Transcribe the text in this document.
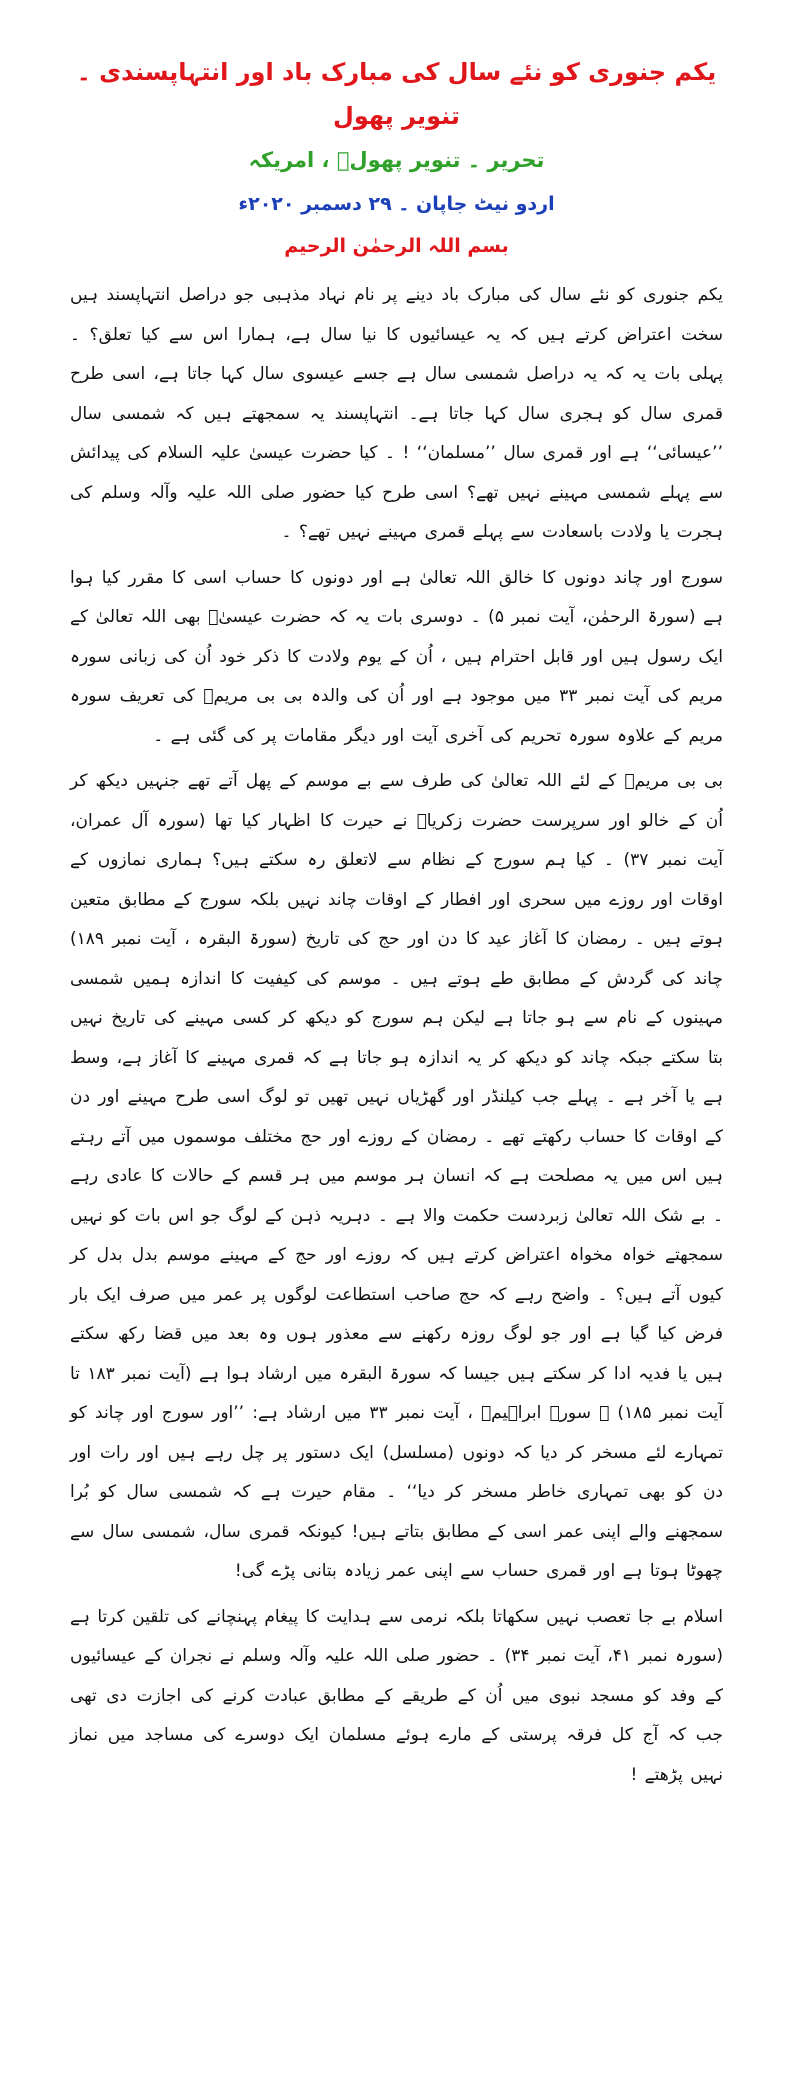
یکم جنوری کو نئے سال کی مبارک باد اور انتہاپسندی ۔ تنویر پھول

تحریر ۔ تنویر پھولؔ ، امریکہ

اردو نیٹ جاپان ۔ ۲۹ دسمبر ۲۰۲۰ء

بسم اللہ الرحمٰن الرحیم

یکم جنوری کو نئے سال کی مبارک باد دینے پر نام نہاد مذہبی جو دراصل انتہاپسند ہیں سخت اعتراض کرتے ہیں کہ یہ عیسائیوں کا نیا سال ہے، ہمارا اس سے کیا تعلق؟ ۔ پہلی بات یہ کہ یہ دراصل شمسی سال ہے جسے عیسوی سال کہا جاتا ہے، اسی طرح قمری سال کو ہجری سال کہا جاتا ہے۔ انتہاپسند یہ سمجھتے ہیں کہ شمسی سال ’’عیسائی‘‘ ہے اور قمری سال ’’مسلمان‘‘ ! ۔ کیا حضرت عیسیٰ علیہ السلام کی پیدائش سے پہلے شمسی مہینے نہیں تھے؟ اسی طرح کیا حضور صلی اللہ علیہ وآلہ وسلم کی ہجرت یا ولادت باسعادت سے پہلے قمری مہینے نہیں تھے؟ ۔

سورج اور چاند دونوں کا خالق اللہ تعالیٰ ہے اور دونوں کا حساب اسی کا مقرر کیا ہوا ہے (سورۃ الرحمٰن، آیت نمبر ۵) ۔ دوسری بات یہ کہ حضرت عیسیٰؑ بھی اللہ تعالیٰ کے ایک رسول ہیں اور قابل احترام ہیں ، اُن کے یوم ولادت کا ذکر خود اُن کی زبانی سورہ مریم کی آیت نمبر ۳۳ میں موجود ہے اور اُن کی والدہ بی بی مریمؑ کی تعریف سورہ مریم کے علاوہ سورہ تحریم کی آخری آیت اور دیگر مقامات پر کی گئی ہے ۔

بی بی مریمؑ کے لئے اللہ تعالیٰ کی طرف سے بے موسم کے پھل آتے تھے جنہیں دیکھ کر اُن کے خالو اور سرپرست حضرت زکریاؑ نے حیرت کا اظہار کیا تھا (سورہ آل عمران، آیت نمبر ۳۷) ۔ کیا ہم سورج کے نظام سے لاتعلق رہ سکتے ہیں؟ ہماری نمازوں کے اوقات اور روزے میں سحری اور افطار کے اوقات چاند نہیں بلکہ سورج کے مطابق متعین ہوتے ہیں ۔ رمضان کا آغاز عید کا دن اور حج کی تاریخ (سورۃ البقرہ ، آیت نمبر ۱۸۹) چاند کی گردش کے مطابق طے ہوتے ہیں ۔ موسم کی کیفیت کا اندازہ ہمیں شمسی مہینوں کے نام سے ہو جاتا ہے لیکن ہم سورج کو دیکھ کر کسی مہینے کی تاریخ نہیں بتا سکتے جبکہ چاند کو دیکھ کر یہ اندازہ ہو جاتا ہے کہ قمری مہینے کا آغاز ہے، وسط ہے یا آخر ہے ۔ پہلے جب کیلنڈر اور گھڑیاں نہیں تھیں تو لوگ اسی طرح مہینے اور دن کے اوقات کا حساب رکھتے تھے ۔ رمضان کے روزے اور حج مختلف موسموں میں آتے رہتے ہیں اس میں یہ مصلحت ہے کہ انسان ہر موسم میں ہر قسم کے حالات کا عادی رہے ۔ بے شک اللہ تعالیٰ زبردست حکمت والا ہے ۔ دہریہ ذہن کے لوگ جو اس بات کو نہیں سمجھتے خواہ مخواہ اعتراض کرتے ہیں کہ روزے اور حج کے مہینے موسم بدل بدل کر کیوں آتے ہیں؟ ۔ واضح رہے کہ حج صاحب استطاعت لوگوں پر عمر میں صرف ایک بار فرض کیا گیا ہے اور جو لوگ روزہ رکھنے سے معذور ہوں وہ بعد میں قضا رکھ سکتے ہیں یا فدیہ ادا کر سکتے ہیں جیسا کہ سورۃ البقرہ میں ارشاد ہوا ہے (آیت نمبر ۱۸۳ تا آیت نمبر ۱۸۵) ۔ سورہ ابراہیمؑ ، آیت نمبر ۳۳ میں ارشاد ہے: ’’اور سورج اور چاند کو تمہارے لئے مسخر کر دیا کہ دونوں (مسلسل) ایک دستور پر چل رہے ہیں اور رات اور دن کو بھی تمہاری خاطر مسخر کر دیا‘‘ ۔ مقام حیرت ہے کہ شمسی سال کو بُرا سمجھنے والے اپنی عمر اسی کے مطابق بتاتے ہیں! کیونکہ قمری سال، شمسی سال سے چھوٹا ہوتا ہے اور قمری حساب سے اپنی عمر زیادہ بتانی پڑے گی!

اسلام بے جا تعصب نہیں سکھاتا بلکہ نرمی سے ہدایت کا پیغام پہنچانے کی تلقین کرتا ہے (سورہ نمبر ۴۱، آیت نمبر ۳۴) ۔ حضور صلی اللہ علیہ وآلہ وسلم نے نجران کے عیسائیوں کے وفد کو مسجد نبوی میں اُن کے طریقے کے مطابق عبادت کرنے کی اجازت دی تھی جب کہ آج کل فرقہ پرستی کے مارے ہوئے مسلمان ایک دوسرے کی مساجد میں نماز نہیں پڑھتے !
